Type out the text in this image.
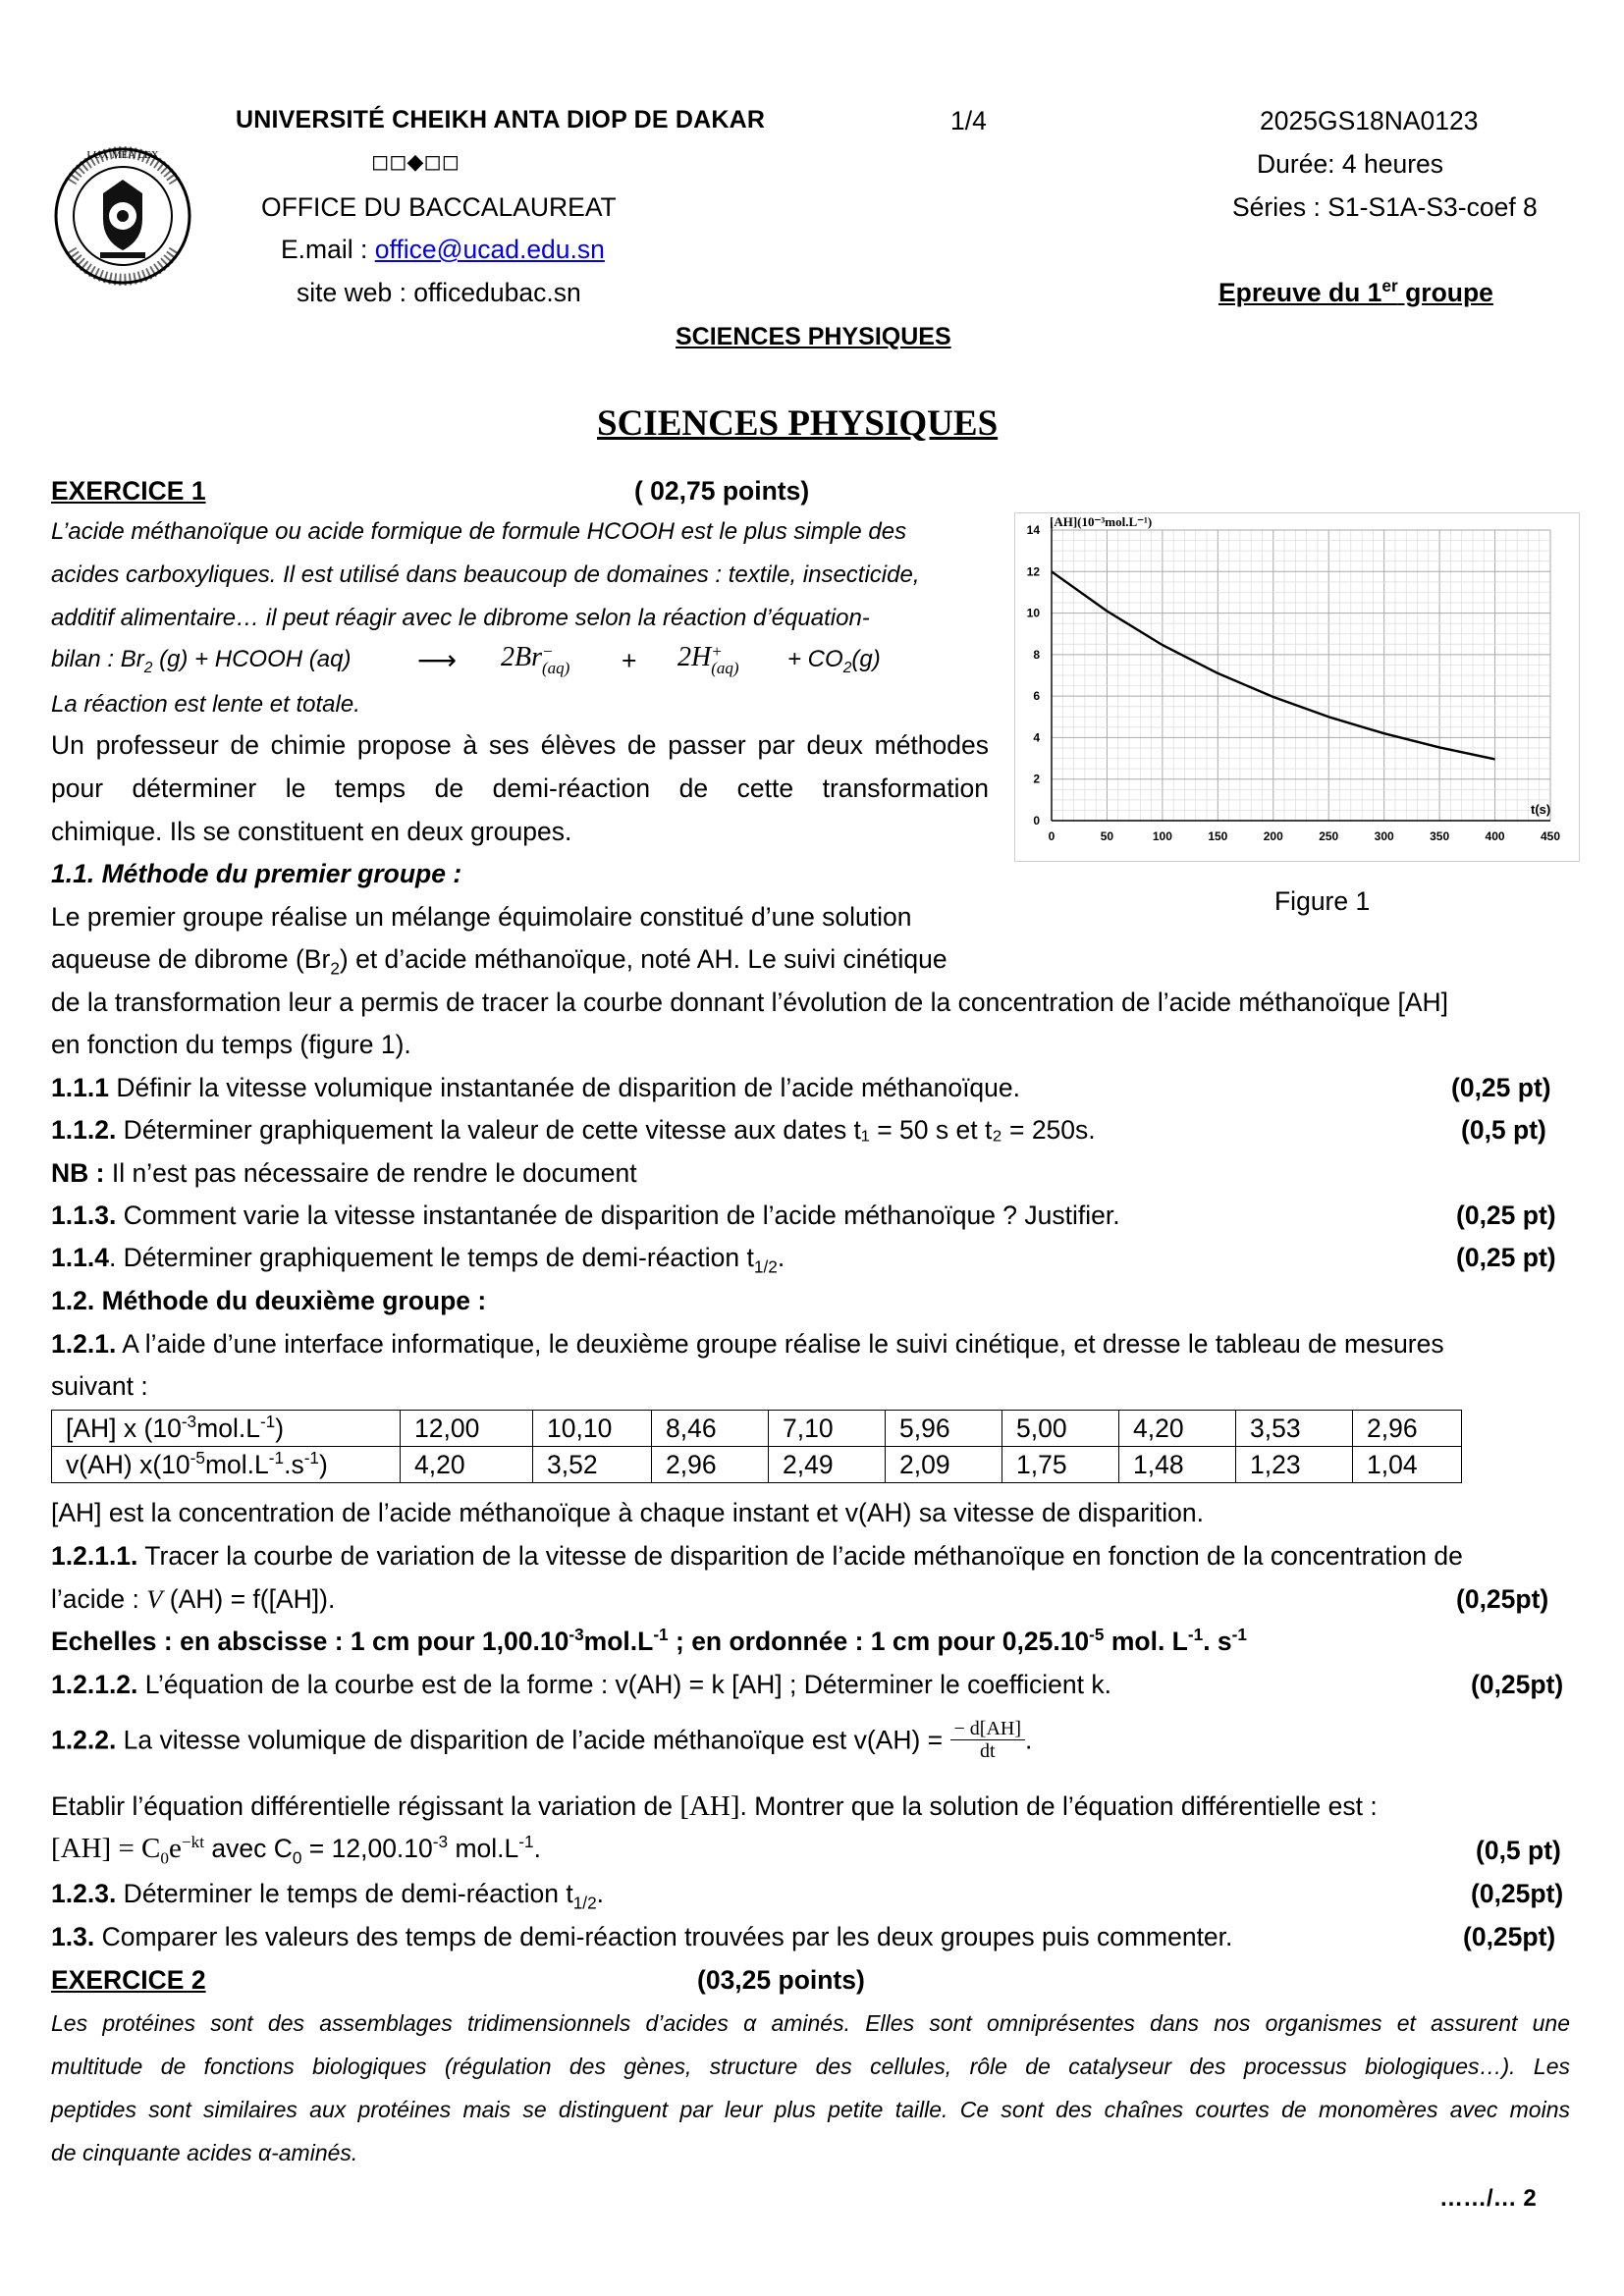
UNIVERSITÉ CHEIKH ANTA DIOP DE DAKAR	1/4	2025GS18NA0123
◻◻◆◻◻	Durée: 4 heures
LUX MEA LEX
OFFICE DU BACCALAUREAT	Séries : S1-S1A-S3-coef 8
E.mail : office@ucad.edu.sn
site web : officedubac.sn	Epreuve du 1er groupe
SCIENCES PHYSIQUES
SCIENCES PHYSIQUES
EXERCICE 1	( 02,75 points)
L’acide méthanoïque ou acide formique de formule HCOOH est le plus simple des
acides carboxyliques. Il est utilisé dans beaucoup de domaines : textile, insecticide,
additif alimentaire… il peut réagir avec le dibrome selon la réaction d’équation-
bilan : $Br_2$ (g) + HCOOH (aq) ⟶ 2Br −
(aq) + 2H +
$(aq) + CO_2(g)$
La réaction est lente et totale.
Un professeur de chimie propose à ses élèves de passer par deux méthodes
pour déterminer le temps de demi-réaction de cette transformation
chimique. Ils se constituent en deux groupes.
1.1. Méthode du premier groupe :
Le premier groupe réalise un mélange équimolaire constitué d’une solution
aqueuse de dibrome $(Br_2)$ et d’acide méthanoïque, noté AH. Le suivi cinétique
de la transformation leur a permis de tracer la courbe donnant l’évolution de la concentration de l’acide méthanoïque [AH]
en fonction du temps (figure 1).
0	50	100	150	200	250	300	350	400	450
0
2
4
6
8
10
12
14
[AH](10⁻³mol.L⁻¹)
t(s)
Figure 1
1.1.1 Définir la vitesse volumique instantanée de disparition de l’acide méthanoïque.	(0,25 pt)
1.1.2. Déterminer graphiquement la valeur de cette vitesse aux dates t₁ = 50 s et t₂ = 250s.	(0,5 pt)
NB : Il n’est pas nécessaire de rendre le document
1.1.3. Comment varie la vitesse instantanée de disparition de l’acide méthanoïque ? Justifier.	(0,25 pt)
1.1.4. Déterminer graphiquement le temps de demi-réaction $t_{1/2}$.	(0,25 pt)
1.2. Méthode du deuxième groupe :
1.2.1. A l’aide d’une interface informatique, le deuxième groupe réalise le suivi cinétique, et dresse le tableau de mesures
suivant :
[AH] x $(10^{-3}mol.L^{-1})$	12,00	10,10	8,46	7,10	5,96	5,00	4,20	3,53	2,96
v(AH) $x(10^{-5}mol.L^{-1}.s^{-1})$	4,20	3,52	2,96	2,49	2,09	1,75	1,48	1,23	1,04
[AH] est la concentration de l’acide méthanoïque à chaque instant et v(AH) sa vitesse de disparition.
1.2.1.1. Tracer la courbe de variation de la vitesse de disparition de l’acide méthanoïque en fonction de la concentration de
l’acide : V (AH) = f([AH]).	(0,25pt)
Echelles : en abscisse : 1 cm pour $1,00.10^{-3}mol.L^{-1}$ ; en ordonnée : 1 cm pour $0,25.10^{-5}$ mol. $L^{-1}$. $s^{-1}$
1.2.1.2. L’équation de la courbe est de la forme : v(AH) = k [AH] ; Déterminer le coefficient k.	(0,25pt)
1.2.2. La vitesse volumique de disparition de l’acide méthanoïque est $v(AH) = \frac{- d[AH]}{dt}$ .
Etablir l’équation différentielle régissant la variation de [AH]. Montrer que la solution de l’équation différentielle est :
$[AH] = C_0e^{-kt}$ avec $C_0 = 12,00.10^{-3}$ $mol.L^{-1}$.	(0,5 pt)
1.2.3. Déterminer le temps de demi-réaction $t_{1/2}$.	(0,25pt)
1.3. Comparer les valeurs des temps de demi-réaction trouvées par les deux groupes puis commenter.	(0,25pt)
EXERCICE 2	(03,25 points)
Les protéines sont des assemblages tridimensionnels d’acides α aminés. Elles sont omniprésentes dans nos organismes et assurent une
multitude de fonctions biologiques (régulation des gènes, structure des cellules, rôle de catalyseur des processus biologiques…). Les
peptides sont similaires aux protéines mais se distinguent par leur plus petite taille. Ce sont des chaînes courtes de monomères avec moins
de cinquante acides α-aminés.
……/… 2
